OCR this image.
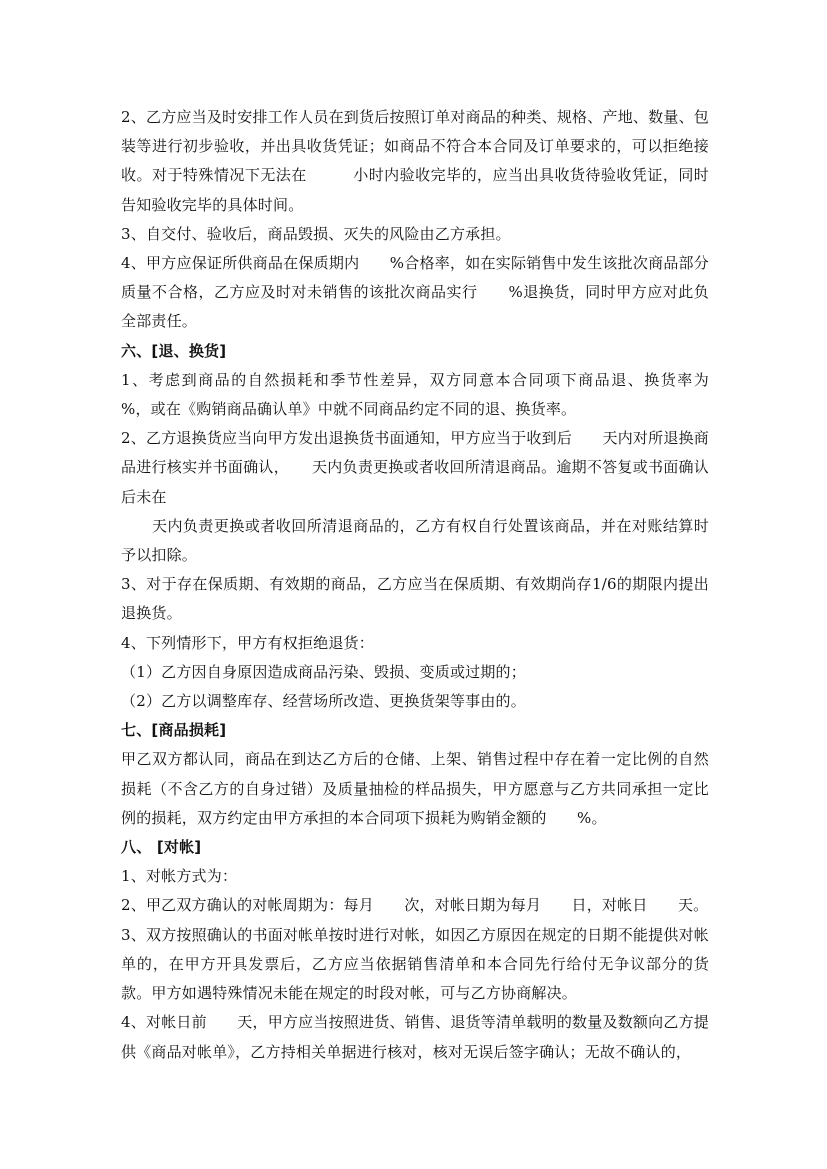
2、乙方应当及时安排工作人员在到货后按照订单对商品的种类、规格、产地、数量、包装等进行初步验收，并出具收货凭证；如商品不符合本合同及订单要求的，可以拒绝接收。对于特殊情况下无法在　　　小时内验收完毕的，应当出具收货待验收凭证，同时告知验收完毕的具体时间。

3、自交付、验收后，商品毁损、灭失的风险由乙方承担。

4、甲方应保证所供商品在保质期内　　%合格率，如在实际销售中发生该批次商品部分质量不合格，乙方应及时对未销售的该批次商品实行　　%退换货，同时甲方应对此负全部责任。

六、[退、换货]

1、考虑到商品的自然损耗和季节性差异，双方同意本合同项下商品退、换货率为　　%，或在《购销商品确认单》中就不同商品约定不同的退、换货率。

2、乙方退换货应当向甲方发出退换货书面通知，甲方应当于收到后　　天内对所退换商品进行核实并书面确认，　　天内负责更换或者收回所清退商品。逾期不答复或书面确认后未在

　　天内负责更换或者收回所清退商品的，乙方有权自行处置该商品，并在对账结算时予以扣除。

3、对于存在保质期、有效期的商品，乙方应当在保质期、有效期尚存1/6的期限内提出退换货。

4、下列情形下，甲方有权拒绝退货：

（1）乙方因自身原因造成商品污染、毁损、变质或过期的；

（2）乙方以调整库存、经营场所改造、更换货架等事由的。

七、[商品损耗]

甲乙双方都认同，商品在到达乙方后的仓储、上架、销售过程中存在着一定比例的自然损耗（不含乙方的自身过错）及质量抽检的样品损失，甲方愿意与乙方共同承担一定比例的损耗，双方约定由甲方承担的本合同项下损耗为购销金额的　　%。

八、 [对帐]

1、对帐方式为：

2、甲乙双方确认的对帐周期为：每月　　次，对帐日期为每月　　日，对帐日　　天。

3、双方按照确认的书面对帐单按时进行对帐，如因乙方原因在规定的日期不能提供对帐单的，在甲方开具发票后，乙方应当依据销售清单和本合同先行给付无争议部分的货款。甲方如遇特殊情况未能在规定的时段对帐，可与乙方协商解决。

4、对帐日前　　天，甲方应当按照进货、销售、退货等清单载明的数量及数额向乙方提供《商品对帐单》，乙方持相关单据进行核对，核对无误后签字确认；无故不确认的，
